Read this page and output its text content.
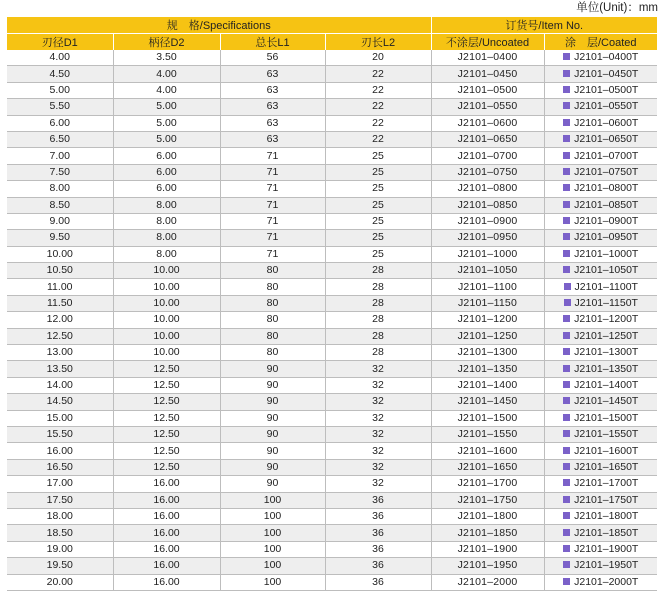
单位(Unit)：mm
规　格/Specifications				订货号/Item No.	
刃径D1	柄径D2	总长L1	刃长L2	不涂层/Uncoated	涂　层/Coated
4.00	3.50	56	20	J2101–0400	J2101–0400T
4.50	4.00	63	22	J2101–0450	J2101–0450T
5.00	4.00	63	22	J2101–0500	J2101–0500T
5.50	5.00	63	22	J2101–0550	J2101–0550T
6.00	5.00	63	22	J2101–0600	J2101–0600T
6.50	5.00	63	22	J2101–0650	J2101–0650T
7.00	6.00	71	25	J2101–0700	J2101–0700T
7.50	6.00	71	25	J2101–0750	J2101–0750T
8.00	6.00	71	25	J2101–0800	J2101–0800T
8.50	8.00	71	25	J2101–0850	J2101–0850T
9.00	8.00	71	25	J2101–0900	J2101–0900T
9.50	8.00	71	25	J2101–0950	J2101–0950T
10.00	8.00	71	25	J2101–1000	J2101–1000T
10.50	10.00	80	28	J2101–1050	J2101–1050T
11.00	10.00	80	28	J2101–1100	J2101–1100T
11.50	10.00	80	28	J2101–1150	J2101–1150T
12.00	10.00	80	28	J2101–1200	J2101–1200T
12.50	10.00	80	28	J2101–1250	J2101–1250T
13.00	10.00	80	28	J2101–1300	J2101–1300T
13.50	12.50	90	32	J2101–1350	J2101–1350T
14.00	12.50	90	32	J2101–1400	J2101–1400T
14.50	12.50	90	32	J2101–1450	J2101–1450T
15.00	12.50	90	32	J2101–1500	J2101–1500T
15.50	12.50	90	32	J2101–1550	J2101–1550T
16.00	12.50	90	32	J2101–1600	J2101–1600T
16.50	12.50	90	32	J2101–1650	J2101–1650T
17.00	16.00	90	32	J2101–1700	J2101–1700T
17.50	16.00	100	36	J2101–1750	J2101–1750T
18.00	16.00	100	36	J2101–1800	J2101–1800T
18.50	16.00	100	36	J2101–1850	J2101–1850T
19.00	16.00	100	36	J2101–1900	J2101–1900T
19.50	16.00	100	36	J2101–1950	J2101–1950T
20.00	16.00	100	36	J2101–2000	J2101–2000T
